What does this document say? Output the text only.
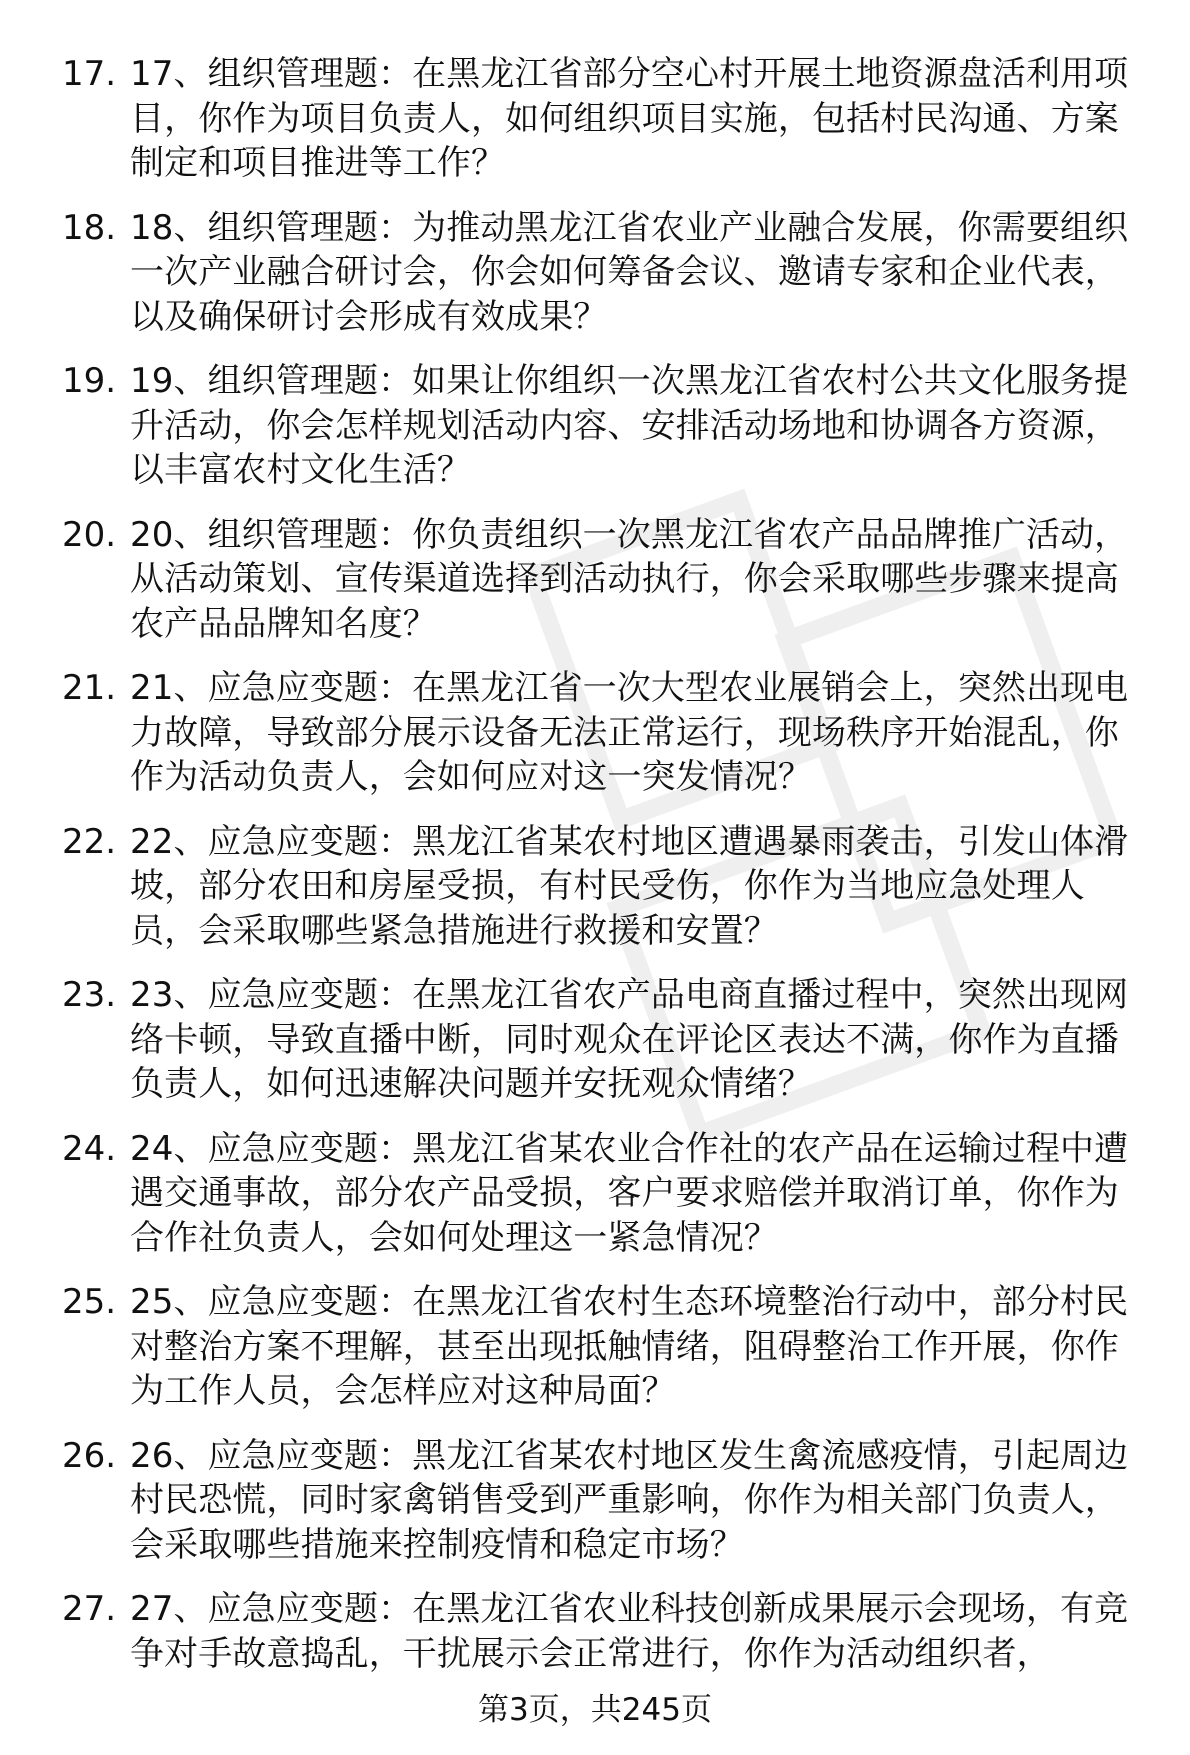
17. 17、组织管理题：在黑龙江省部分空心村开展土地资源盘活利用项目，你作为项目负责人，如何组织项目实施，包括村民沟通、方案制定和项目推进等工作？
18. 18、组织管理题：为推动黑龙江省农业产业融合发展，你需要组织一次产业融合研讨会，你会如何筹备会议、邀请专家和企业代表，以及确保研讨会形成有效成果？
19. 19、组织管理题：如果让你组织一次黑龙江省农村公共文化服务提升活动，你会怎样规划活动内容、安排活动场地和协调各方资源，以丰富农村文化生活？
20. 20、组织管理题：你负责组织一次黑龙江省农产品品牌推广活动，从活动策划、宣传渠道选择到活动执行，你会采取哪些步骤来提高农产品品牌知名度？
21. 21、应急应变题：在黑龙江省一次大型农业展销会上，突然出现电力故障，导致部分展示设备无法正常运行，现场秩序开始混乱，你作为活动负责人，会如何应对这一突发情况？
22. 22、应急应变题：黑龙江省某农村地区遭遇暴雨袭击，引发山体滑坡，部分农田和房屋受损，有村民受伤，你作为当地应急处理人员，会采取哪些紧急措施进行救援和安置？
23. 23、应急应变题：在黑龙江省农产品电商直播过程中，突然出现网络卡顿，导致直播中断，同时观众在评论区表达不满，你作为直播负责人，如何迅速解决问题并安抚观众情绪？
24. 24、应急应变题：黑龙江省某农业合作社的农产品在运输过程中遭遇交通事故，部分农产品受损，客户要求赔偿并取消订单，你作为合作社负责人，会如何处理这一紧急情况？
25. 25、应急应变题：在黑龙江省农村生态环境整治行动中，部分村民对整治方案不理解，甚至出现抵触情绪，阻碍整治工作开展，你作为工作人员，会怎样应对这种局面？
26. 26、应急应变题：黑龙江省某农村地区发生禽流感疫情，引起周边村民恐慌，同时家禽销售受到严重影响，你作为相关部门负责人，会采取哪些措施来控制疫情和稳定市场？
27. 27、应急应变题：在黑龙江省农业科技创新成果展示会现场，有竞争对手故意捣乱，干扰展示会正常进行，你作为活动组织者，
第3页，共245页
